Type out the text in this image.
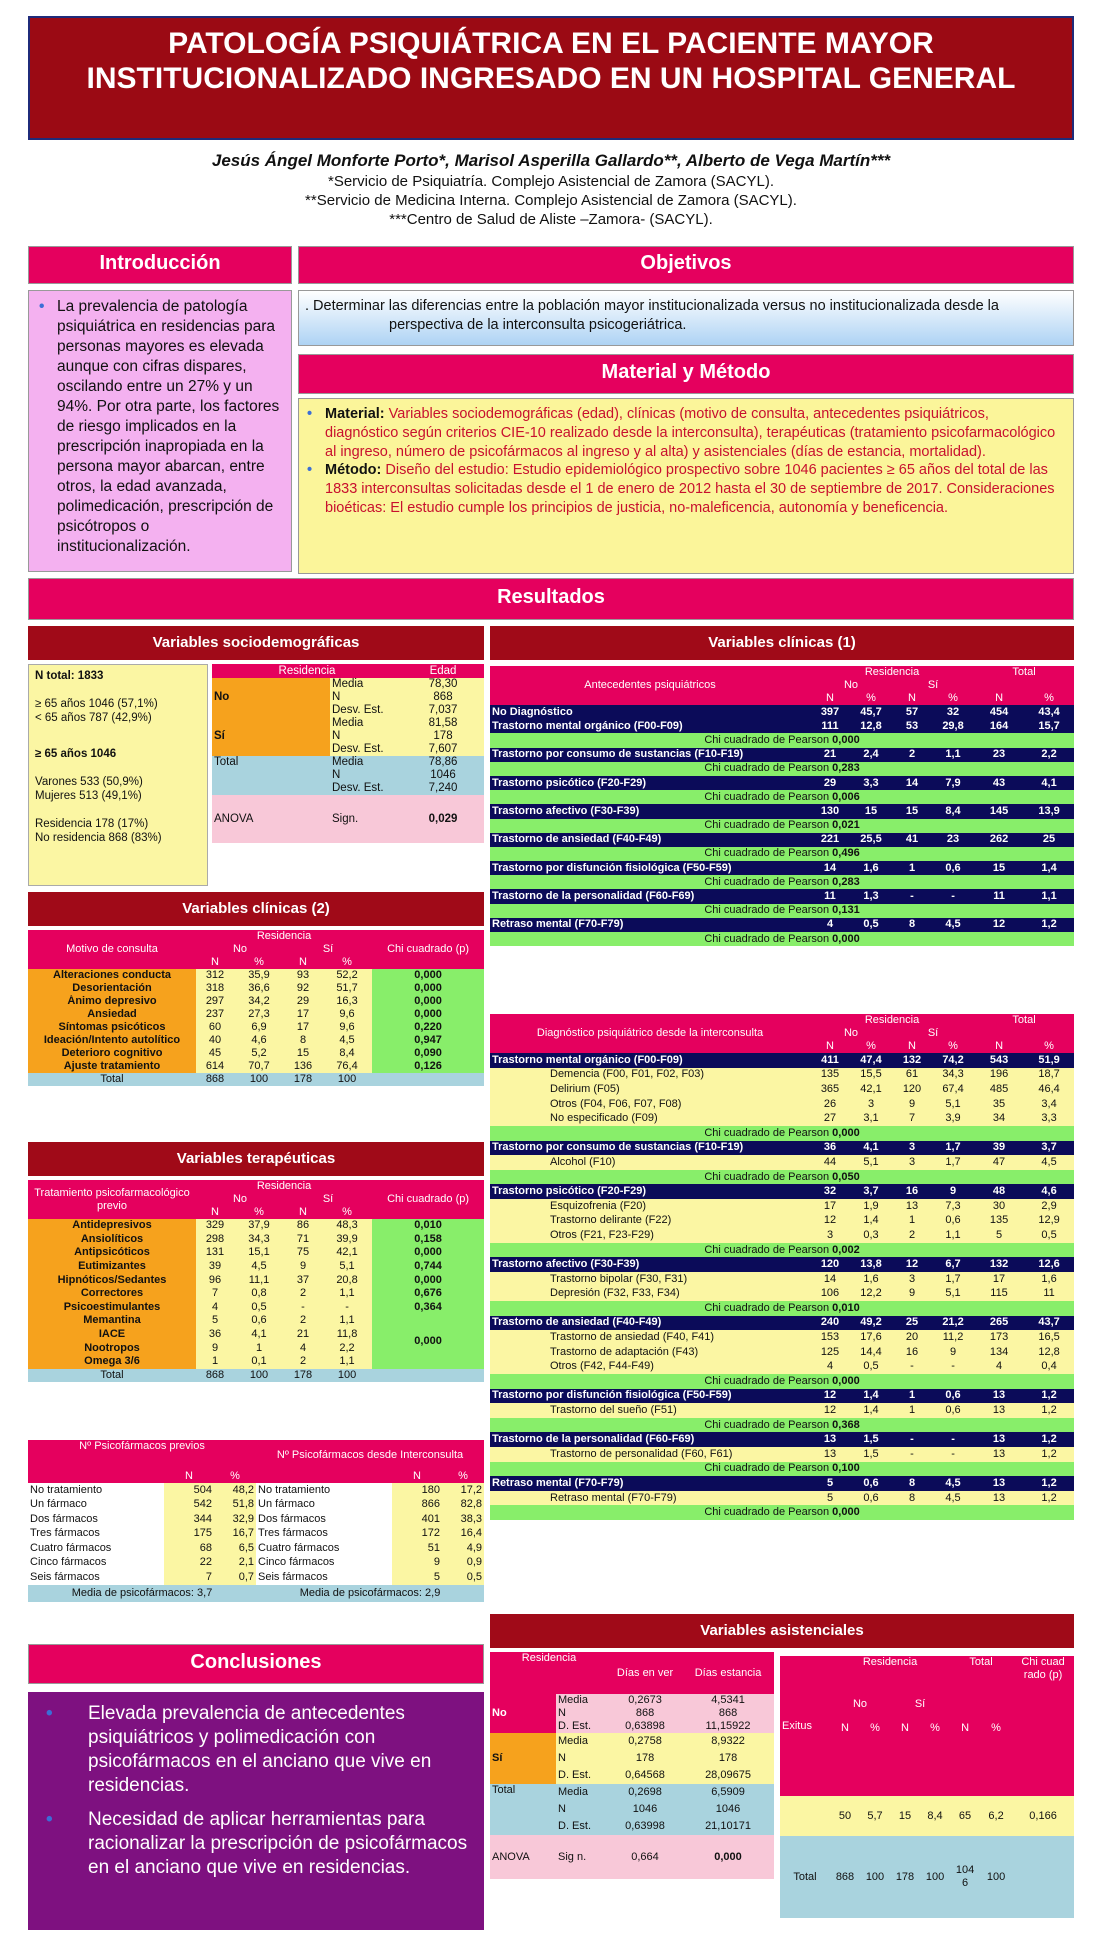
PATOLOGÍA PSIQUIÁTRICA EN EL PACIENTE MAYOR INSTITUCIONALIZADO INGRESADO EN UN HOSPITAL GENERAL
Jesús Ángel Monforte Porto*, Marisol Asperilla Gallardo**, Alberto de Vega Martín***
*Servicio de Psiquiatría. Complejo Asistencial de Zamora (SACYL).
**Servicio de Medicina Interna. Complejo Asistencial de Zamora (SACYL).
***Centro de Salud de Aliste –Zamora- (SACYL).
Introducción
• La prevalencia de patología psiquiátrica en residencias para personas mayores es elevada aunque con cifras dispares, oscilando entre un 27% y un 94%. Por otra parte, los factores de riesgo implicados en la prescripción inapropiada en la persona mayor abarcan, entre otros, la edad avanzada, polimedicación, prescripción de psicótropos o institucionalización.
Objetivos
. Determinar las diferencias entre la población mayor institucionalizada versus no institucionalizada desde la perspectiva de la interconsulta psicogeriátrica.
Material y Método
• Material: Variables sociodemográficas (edad), clínicas (motivo de consulta, antecedentes psiquiátricos, diagnóstico según criterios CIE-10 realizado desde la interconsulta), terapéuticas (tratamiento psicofarmacológico al ingreso, número de psicofármacos al ingreso y al alta) y asistenciales (días de estancia, mortalidad).
• Método: Diseño del estudio: Estudio epidemiológico prospectivo sobre 1046 pacientes ≥ 65 años del total de las 1833 interconsultas solicitadas desde el 1 de enero de 2012 hasta el 30 de septiembre de 2017. Consideraciones bioéticas: El estudio cumple los principios de justicia, no-maleficencia, autonomía y beneficencia.
Resultados
Variables sociodemográficas
N total: 1833
≥ 65 años 1046 (57,1%)
< 65 años 787 (42,9%)
≥ 65 años 1046
Varones 533 (50,9%)
Mujeres 513 (49,1%)
Residencia 178 (17%)
No residencia 868 (83%)
Residencia		Edad
No	Media	78,30
	N	868
	Desv. Est.	7,037
Sí	Media	81,58
	N	178
	Desv. Est.	7,607
Total	Media	78,86
	N	1046
	Desv. Est.	7,240
ANOVA	Sign.	0,029
Variables clínicas (2)
Motivo de consulta	Residencia				Chi cuadrado (p)
	No		Sí		
	N	%	N	%	
Alteraciones conducta	312	35,9	93	52,2	0,000
Desorientación	318	36,6	92	51,7	0,000
Ánimo depresivo	297	34,2	29	16,3	0,000
Ansiedad	237	27,3	17	9,6	0,000
Síntomas psicóticos	60	6,9	17	9,6	0,220
Ideación/Intento autolítico	40	4,6	8	4,5	0,947
Deterioro cognitivo	45	5,2	15	8,4	0,090
Ajuste tratamiento	614	70,7	136	76,4	0,126
Total	868	100	178	100	
Variables terapéuticas
Tratamiento psicofarmacológico previo	Residencia				Chi cuadrado (p)
	No		Sí		
	N	%	N	%	
Antidepresivos	329	37,9	86	48,3	0,010
Ansiolíticos	298	34,3	71	39,9	0,158
Antipsicóticos	131	15,1	75	42,1	0,000
Eutimizantes	39	4,5	9	5,1	0,744
Hipnóticos/Sedantes	96	11,1	37	20,8	0,000
Correctores	7	0,8	2	1,1	0,676
Psicoestimulantes	4	0,5	-	-	0,364
Memantina	5	0,6	2	1,1	0,000
IACE	36	4,1	21	11,8	
Nootropos	9	1	4	2,2	
Omega 3/6	1	0,1	2	1,1	
Total	868	100	178	100	
Nº Psicofármacos previos			Nº Psicofármacos desde Interconsulta		
	N	%		N	%
No tratamiento	504	48,2	No tratamiento	180	17,2
Un fármaco	542	51,8	Un fármaco	866	82,8
Dos fármacos	344	32,9	Dos fármacos	401	38,3
Tres fármacos	175	16,7	Tres fármacos	172	16,4
Cuatro fármacos	68	6,5	Cuatro fármacos	51	4,9
Cinco fármacos	22	2,1	Cinco fármacos	9	0,9
Seis fármacos	7	0,7	Seis fármacos	5	0,5
Media de psicofármacos: 3,7			Media de psicofármacos: 2,9		
Conclusiones
• Elevada prevalencia de antecedentes psiquiátricos y polimedicación con psicofármacos en el anciano que vive en residencias.
• Necesidad de aplicar herramientas para racionalizar la prescripción de psicofármacos en el anciano que vive en residencias.
Variables clínicas (1)
Antecedentes psiquiátricos	Residencia				Total	
	No		Sí			
	N	%	N	%	N	%
No Diagnóstico	397	45,7	57	32	454	43,4
Trastorno mental orgánico (F00-F09)	111	12,8	53	29,8	164	15,7
Chi cuadrado de Pearson 0,000						
Trastorno por consumo de sustancias (F10-F19)	21	2,4	2	1,1	23	2,2
Chi cuadrado de Pearson 0,283						
Trastorno psicótico (F20-F29)	29	3,3	14	7,9	43	4,1
Chi cuadrado de Pearson 0,006						
Trastorno afectivo (F30-F39)	130	15	15	8,4	145	13,9
Chi cuadrado de Pearson 0,021						
Trastorno de ansiedad (F40-F49)	221	25,5	41	23	262	25
Chi cuadrado de Pearson 0,496						
Trastorno por disfunción fisiológica (F50-F59)	14	1,6	1	0,6	15	1,4
Chi cuadrado de Pearson 0,283						
Trastorno de la personalidad (F60-F69)	11	1,3	-	-	11	1,1
Chi cuadrado de Pearson 0,131						
Retraso mental (F70-F79)	4	0,5	8	4,5	12	1,2
Chi cuadrado de Pearson 0,000						
Diagnóstico psiquiátrico desde la interconsulta	Residencia				Total	
	No		Sí			
	N	%	N	%	N	%
Trastorno mental orgánico (F00-F09)	411	47,4	132	74,2	543	51,9
Demencia (F00, F01, F02, F03)	135	15,5	61	34,3	196	18,7
Delirium (F05)	365	42,1	120	67,4	485	46,4
Otros (F04, F06, F07, F08)	26	3	9	5,1	35	3,4
No especificado (F09)	27	3,1	7	3,9	34	3,3
Chi cuadrado de Pearson 0,000						
Trastorno por consumo de sustancias (F10-F19)	36	4,1	3	1,7	39	3,7
Alcohol (F10)	44	5,1	3	1,7	47	4,5
Chi cuadrado de Pearson 0,050						
Trastorno psicótico (F20-F29)	32	3,7	16	9	48	4,6
Esquizofrenia (F20)	17	1,9	13	7,3	30	2,9
Trastorno delirante (F22)	12	1,4	1	0,6	135	12,9
Otros (F21, F23-F29)	3	0,3	2	1,1	5	0,5
Chi cuadrado de Pearson 0,002						
Trastorno afectivo (F30-F39)	120	13,8	12	6,7	132	12,6
Trastorno bipolar (F30, F31)	14	1,6	3	1,7	17	1,6
Depresión (F32, F33, F34)	106	12,2	9	5,1	115	11
Chi cuadrado de Pearson 0,010						
Trastorno de ansiedad (F40-F49)	240	49,2	25	21,2	265	43,7
Trastorno de ansiedad (F40, F41)	153	17,6	20	11,2	173	16,5
Trastorno de adaptación (F43)	125	14,4	16	9	134	12,8
Otros (F42, F44-F49)	4	0,5	-	-	4	0,4
Chi cuadrado de Pearson 0,000						
Trastorno por disfunción fisiológica (F50-F59)	12	1,4	1	0,6	13	1,2
Trastorno del sueño (F51)	12	1,4	1	0,6	13	1,2
Chi cuadrado de Pearson 0,368						
Trastorno de la personalidad (F60-F69)	13	1,5	-	-	13	1,2
Trastorno de personalidad (F60, F61)	13	1,5	-	-	13	1,2
Chi cuadrado de Pearson 0,100						
Retraso mental (F70-F79)	5	0,6	8	4,5	13	1,2
Retraso mental (F70-F79)	5	0,6	8	4,5	13	1,2
Chi cuadrado de Pearson 0,000						
Variables asistenciales
Residencia		Días en ver	Días estancia
No	Media	0,2673	4,5341
	N	868	868
	D. Est.	0,63898	11,15922
Sí	Media	0,2758	8,9322
	N	178	178
	D. Est.	0,64568	28,09675
Total	Media	0,2698	6,5909
	N	1046	1046
	D. Est.	0,63998	21,10171
ANOVA	Sig n.	0,664	0,000
Exitus	Residencia				Total		Chi cuad rado (p)
	No		Sí				
	N	%	N	%	N	%	
	50	5,7	15	8,4	65	6,2	0,166
Total	868	100	178	100	104 6	100	
